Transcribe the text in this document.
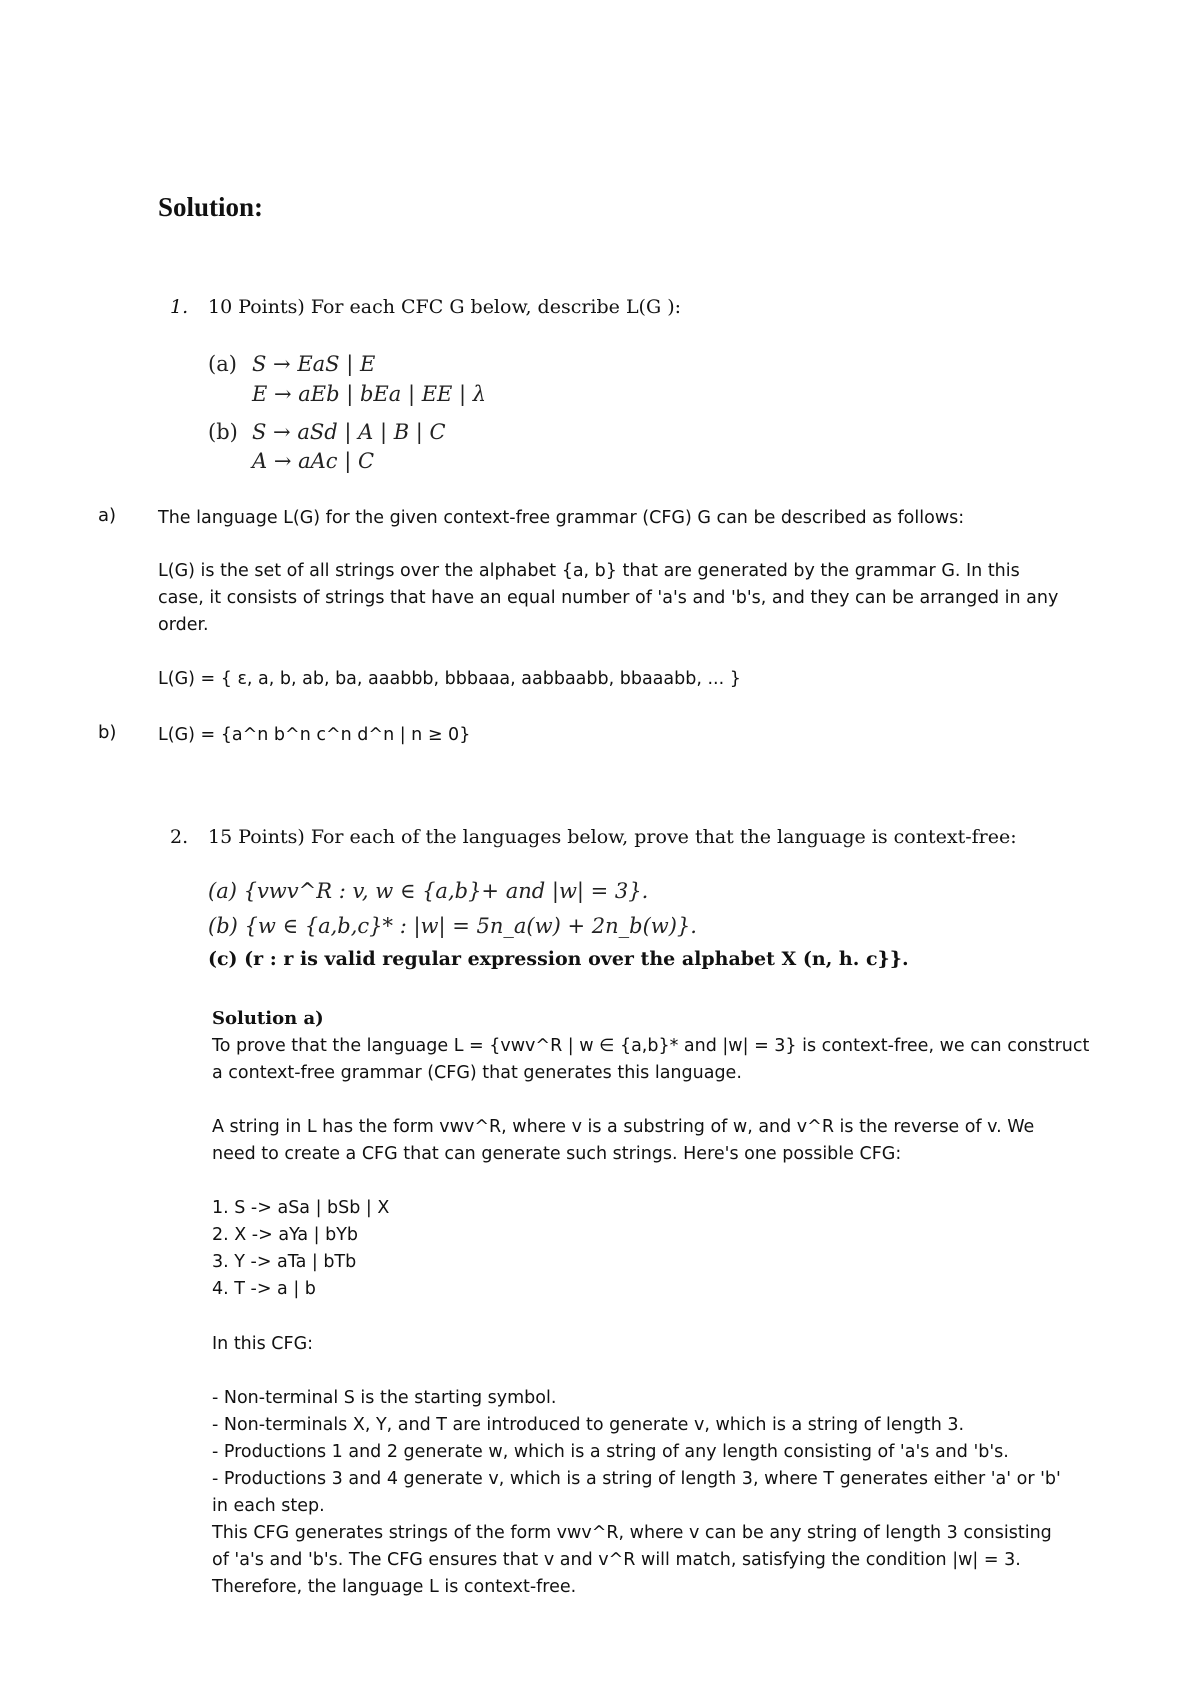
Solution:
1. 10 Points) For each CFC G below, describe L(G ):
(a) S → EaS | E
E → aEb | bEa | EE | λ
(b) S → aSd | A | B | C
A → aAc | C
a) The language L(G) for the given context-free grammar (CFG) G can be described as follows:
L(G) is the set of all strings over the alphabet {a, b} that are generated by the grammar G. In this
case, it consists of strings that have an equal number of 'a's and 'b's, and they can be arranged in any
order.
L(G) = { ε, a, b, ab, ba, aaabbb, bbbaaa, aabbaabb, bbaaabb, ... }
b) L(G) = {a^n b^n c^n d^n | n ≥ 0}
2. 15 Points) For each of the languages below, prove that the language is context-free:
(a) {vwv^R : v, w ∈ {a,b}+ and |w| = 3}.
(b) {w ∈ {a,b,c}* : |w| = 5n_a(w) + 2n_b(w)}.
(c) (r : r is valid regular expression over the alphabet X (n, h. c}}.
Solution a)
To prove that the language L = {vwv^R | w ∈ {a,b}* and |w| = 3} is context-free, we can construct
a context-free grammar (CFG) that generates this language.
A string in L has the form vwv^R, where v is a substring of w, and v^R is the reverse of v. We
need to create a CFG that can generate such strings. Here's one possible CFG:
1. S -> aSa | bSb | X
2. X -> aYa | bYb
3. Y -> aTa | bTb
4. T -> a | b
In this CFG:
- Non-terminal S is the starting symbol.
- Non-terminals X, Y, and T are introduced to generate v, which is a string of length 3.
- Productions 1 and 2 generate w, which is a string of any length consisting of 'a's and 'b's.
- Productions 3 and 4 generate v, which is a string of length 3, where T generates either 'a' or 'b'
in each step.
This CFG generates strings of the form vwv^R, where v can be any string of length 3 consisting
of 'a's and 'b's. The CFG ensures that v and v^R will match, satisfying the condition |w| = 3.
Therefore, the language L is context-free.
